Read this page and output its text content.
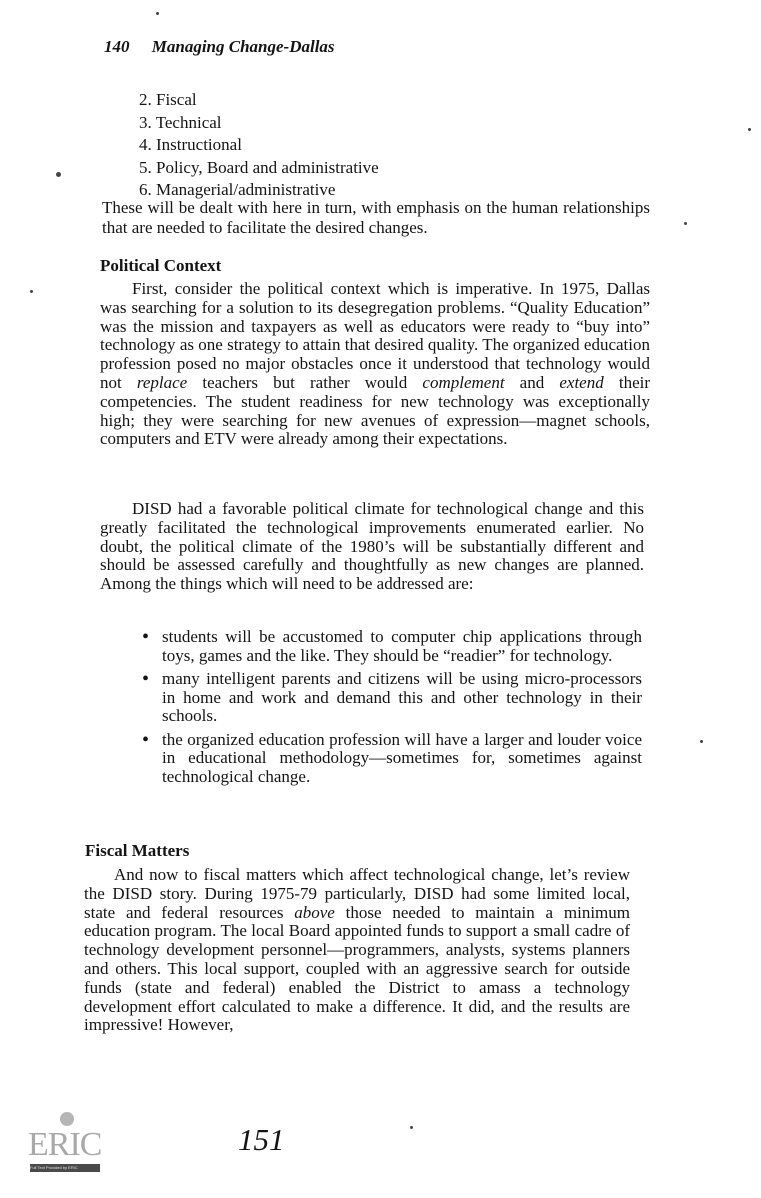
140 Managing Change-Dallas
2. Fiscal
3. Technical
4. Instructional
5. Policy, Board and administrative
6. Managerial/administrative
These will be dealt with here in turn, with emphasis on the human relationships that are needed to facilitate the desired changes.
Political Context
First, consider the political context which is imperative. In 1975, Dallas was searching for a solution to its desegregation problems. “Quality Education” was the mission and taxpayers as well as educators were ready to “buy into” technology as one strategy to attain that desired quality. The organized education profession posed no major obstacles once it understood that technology would not replace teachers but rather would complement and extend their competencies. The student readiness for new technology was exceptionally high; they were searching for new avenues of expression—magnet schools, computers and ETV were already among their expectations.
DISD had a favorable political climate for technological change and this greatly facilitated the technological improvements enumerated earlier. No doubt, the political climate of the 1980’s will be substantially different and should be assessed carefully and thoughtfully as new changes are planned. Among the things which will need to be addressed are:
• students will be accustomed to computer chip applications through toys, games and the like. They should be “readier” for technology.
• many intelligent parents and citizens will be using micro-processors in home and work and demand this and other technology in their schools.
• the organized education profession will have a larger and louder voice in educational methodology—sometimes for, sometimes against technological change.
Fiscal Matters
And now to fiscal matters which affect technological change, let’s review the DISD story. During 1975-79 particularly, DISD had some limited local, state and federal resources above those needed to maintain a minimum education program. The local Board appointed funds to support a small cadre of technology development personnel—programmers, analysts, systems planners and others. This local support, coupled with an aggressive search for outside funds (state and federal) enabled the District to amass a technology development effort calculated to make a difference. It did, and the results are impressive! However,
151
ERIC
Full Text Provided by ERIC
